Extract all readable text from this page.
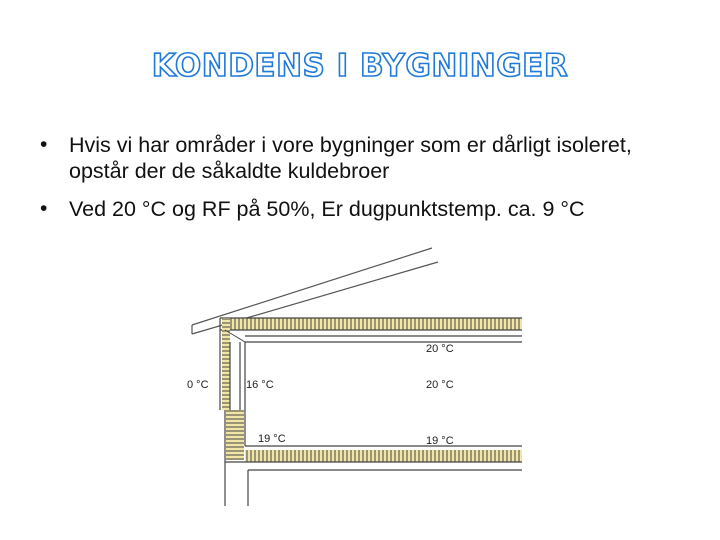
KONDENS I BYGNINGER
• Hvis vi har områder i vore bygninger som er dårligt isoleret, opstår der de såkaldte kuldebroer
• Ved 20 °C og RF på 50%, Er dugpunktstemp. ca. 9 °C
0 °C	16 °C
20 °C
20 °C
19 °C	19 °C
